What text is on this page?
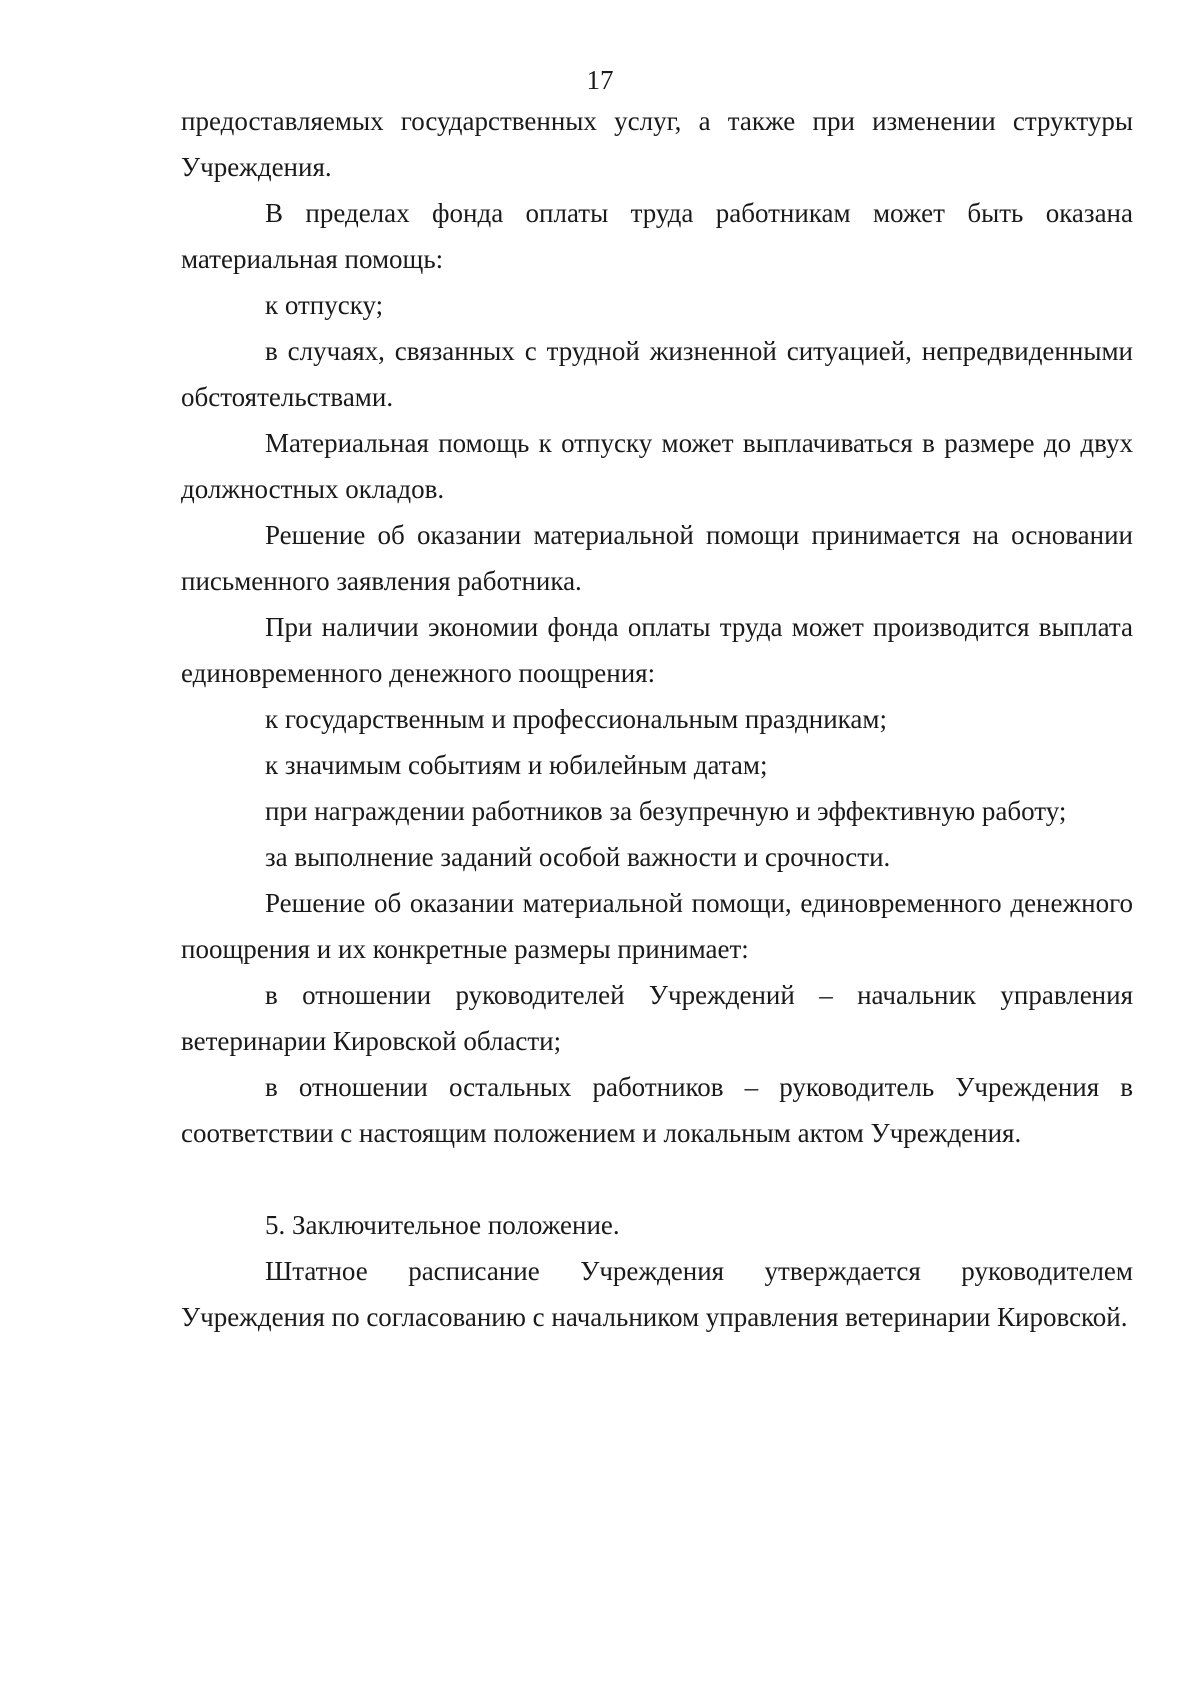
17

предоставляемых государственных услуг, а также при изменении структуры Учреждения.

В пределах фонда оплаты труда работникам может быть оказана материальная помощь:

к отпуску;

в случаях, связанных с трудной жизненной ситуацией, непредвиденными обстоятельствами.

Материальная помощь к отпуску может выплачиваться в размере до двух должностных окладов.

Решение об оказании материальной помощи принимается на основании письменного заявления работника.

При наличии экономии фонда оплаты труда может производится выплата единовременного денежного поощрения:

к государственным и профессиональным праздникам;

к значимым событиям и юбилейным датам;

при награждении работников за безупречную и эффективную работу;

за выполнение заданий особой важности и срочности.

Решение об оказании материальной помощи, единовременного денежного поощрения и их конкретные размеры принимает:

в отношении руководителей Учреждений – начальник управления ветеринарии Кировской области;

в отношении остальных работников – руководитель Учреждения в соответствии с настоящим положением и локальным актом Учреждения.

5. Заключительное положение.

Штатное расписание Учреждения утверждается руководителем Учреждения по согласованию с начальником управления ветеринарии Кировской.
